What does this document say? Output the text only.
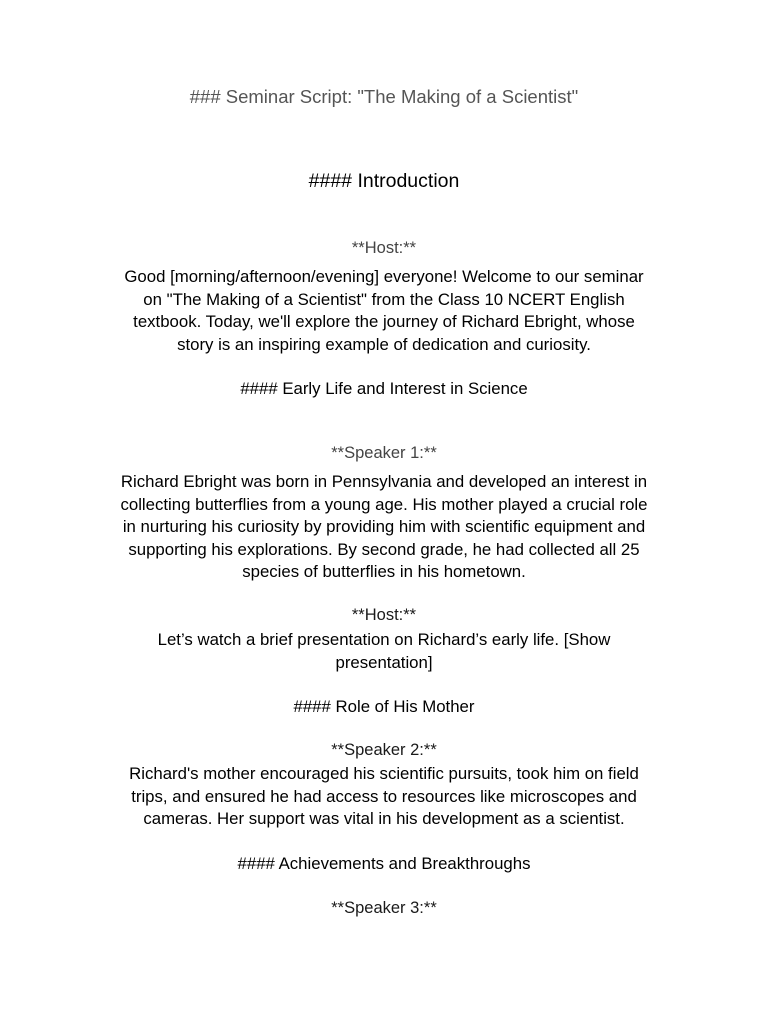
### Seminar Script: "The Making of a Scientist"
#### Introduction
**Host:**
Good [morning/afternoon/evening] everyone! Welcome to our seminar
on "The Making of a Scientist" from the Class 10 NCERT English
textbook. Today, we'll explore the journey of Richard Ebright, whose
story is an inspiring example of dedication and curiosity.
#### Early Life and Interest in Science
**Speaker 1:**
Richard Ebright was born in Pennsylvania and developed an interest in
collecting butterflies from a young age. His mother played a crucial role
in nurturing his curiosity by providing him with scientific equipment and
supporting his explorations. By second grade, he had collected all 25
species of butterflies in his hometown.
**Host:**
Let’s watch a brief presentation on Richard’s early life. [Show
presentation]
#### Role of His Mother
**Speaker 2:**
Richard's mother encouraged his scientific pursuits, took him on field
trips, and ensured he had access to resources like microscopes and
cameras. Her support was vital in his development as a scientist.
#### Achievements and Breakthroughs
**Speaker 3:**
